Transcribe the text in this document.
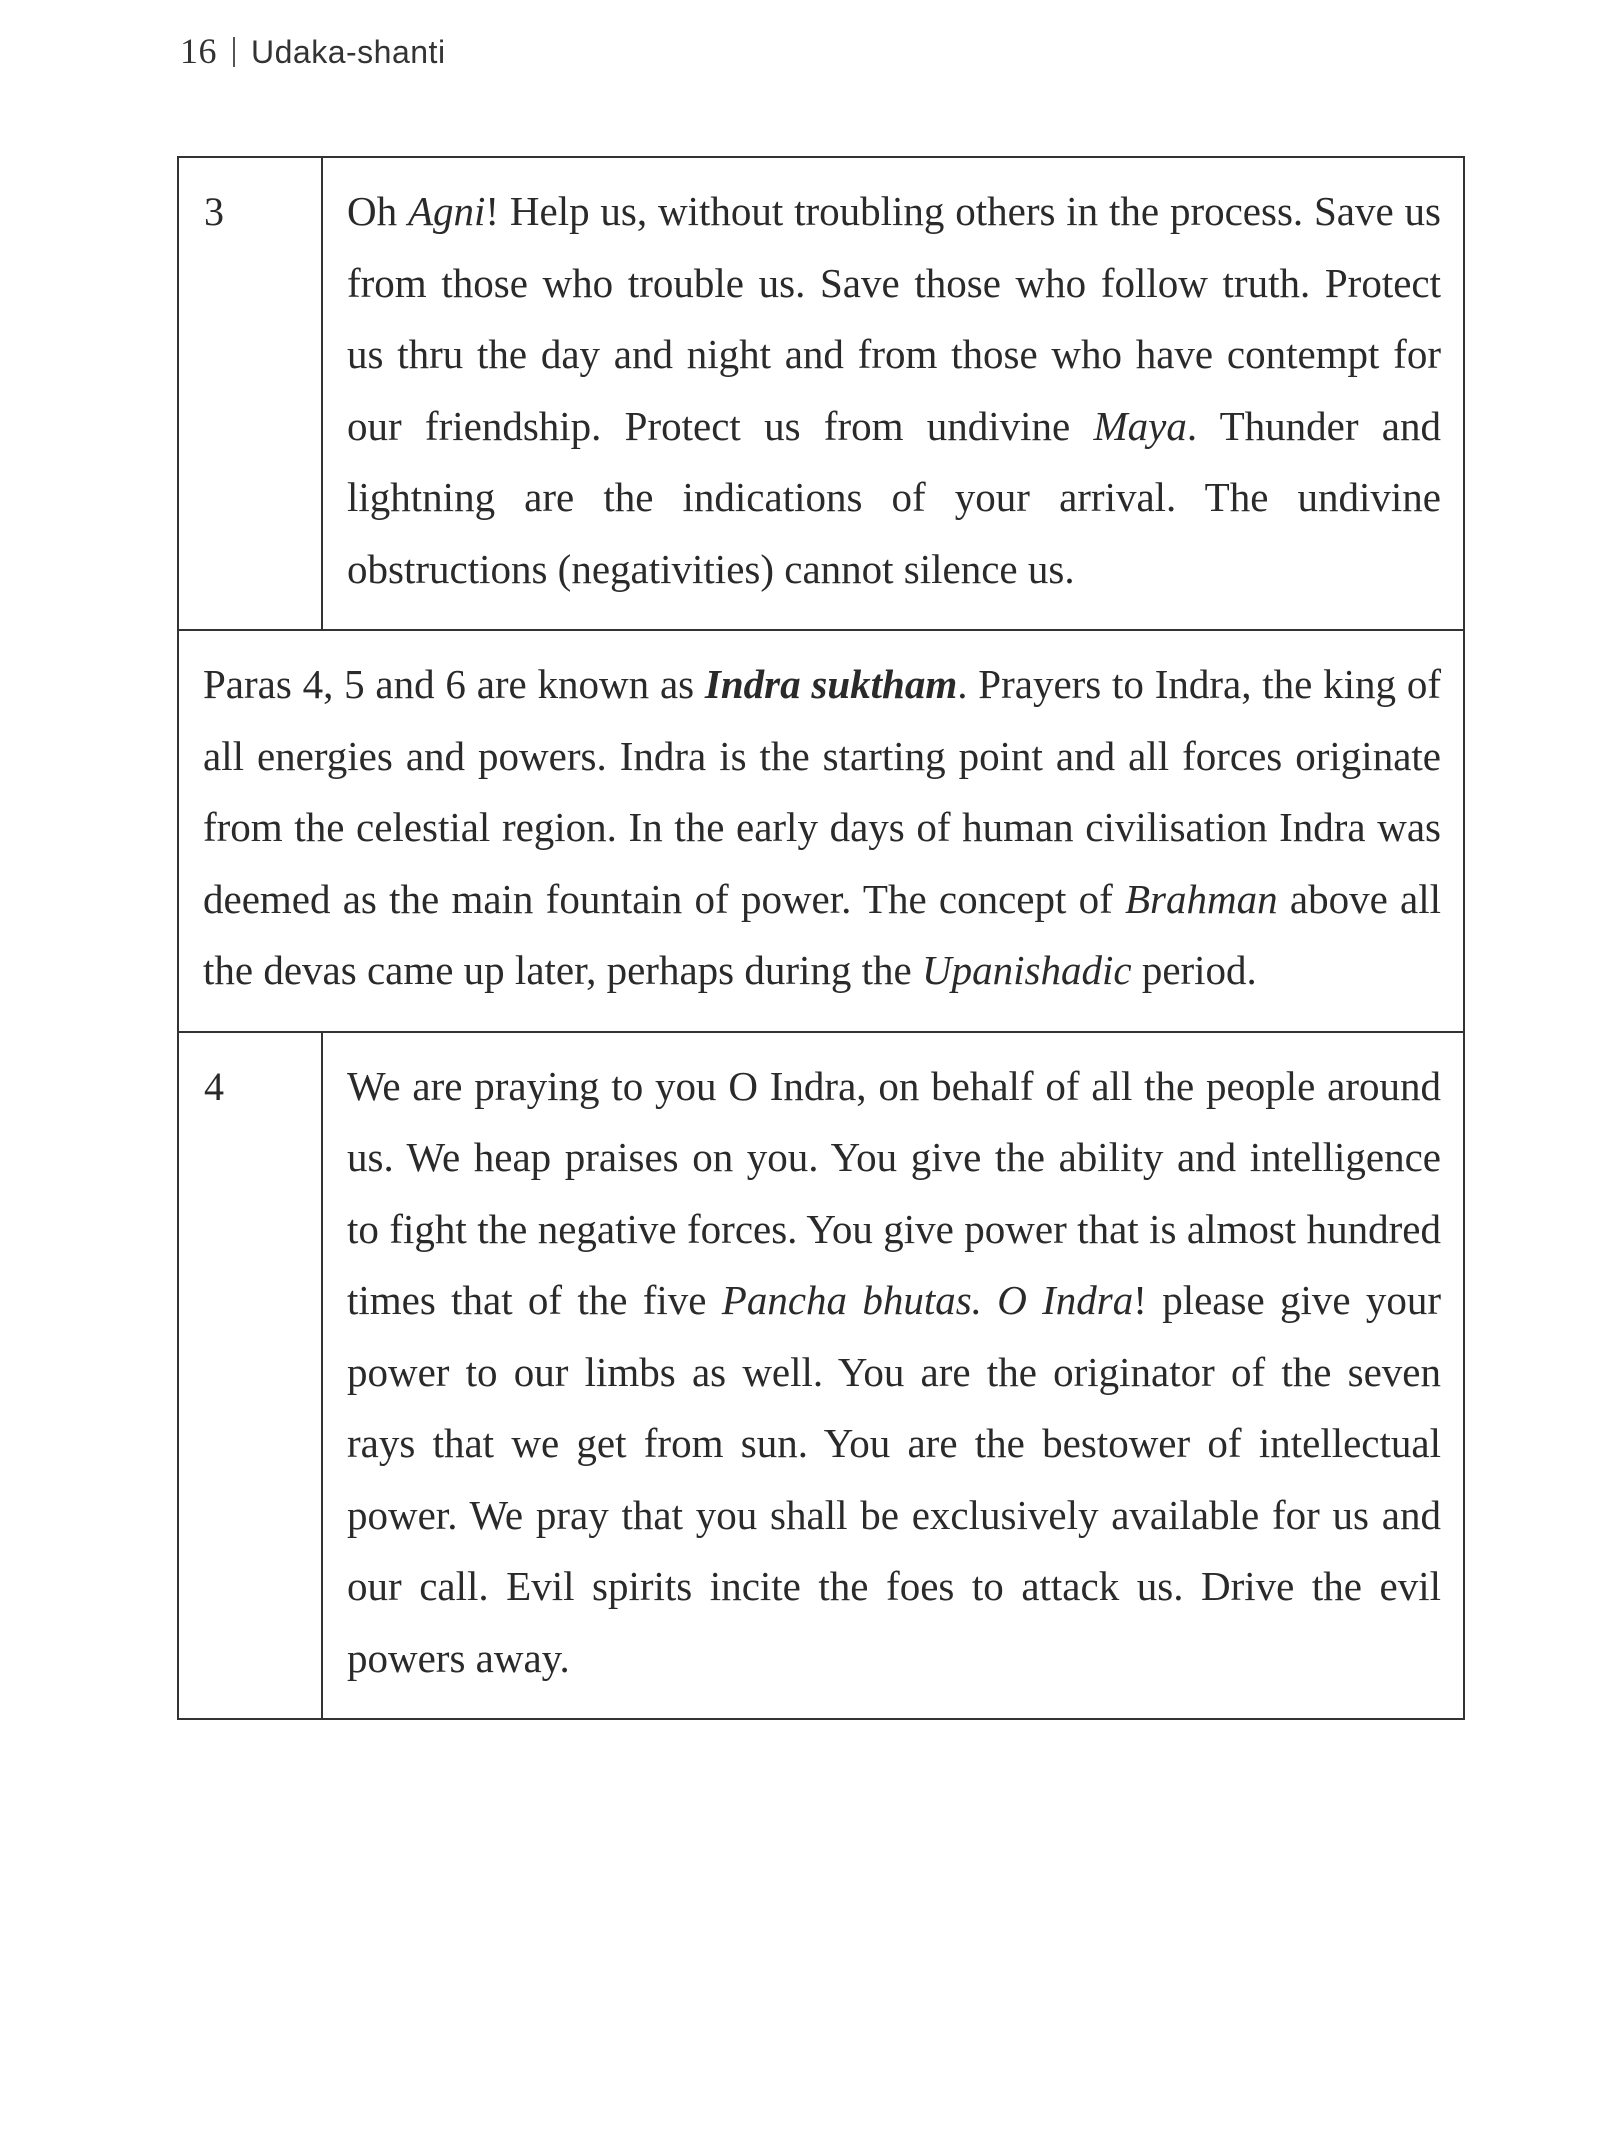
16 Udaka-shanti
3	Oh Agni! Help us, without troubling others in the process. Save us from those who trouble us. Save those who follow truth. Protect us thru the day and night and from those who have contempt for our friendship. Protect us from undivine Maya. Thunder and lightning are the indications of your arrival. The undivine obstructions (negativities) cannot silence us.
Paras 4, 5 and 6 are known as Indra suktham. Prayers to Indra, the king of all energies and powers. Indra is the starting point and all forces originate from the celestial region. In the early days of human civilisation Indra was deemed as the main fountain of power. The concept of Brahman above all the devas came up later, perhaps during the Upanishadic period.
4	We are praying to you O Indra, on behalf of all the people around us. We heap praises on you. You give the ability and intelligence to fight the negative forces. You give power that is almost hundred times that of the five Pancha bhutas. O Indra! please give your power to our limbs as well. You are the originator of the seven rays that we get from sun. You are the bestower of intellectual power. We pray that you shall be exclusively available for us and our call. Evil spirits incite the foes to attack us. Drive the evil powers away.
